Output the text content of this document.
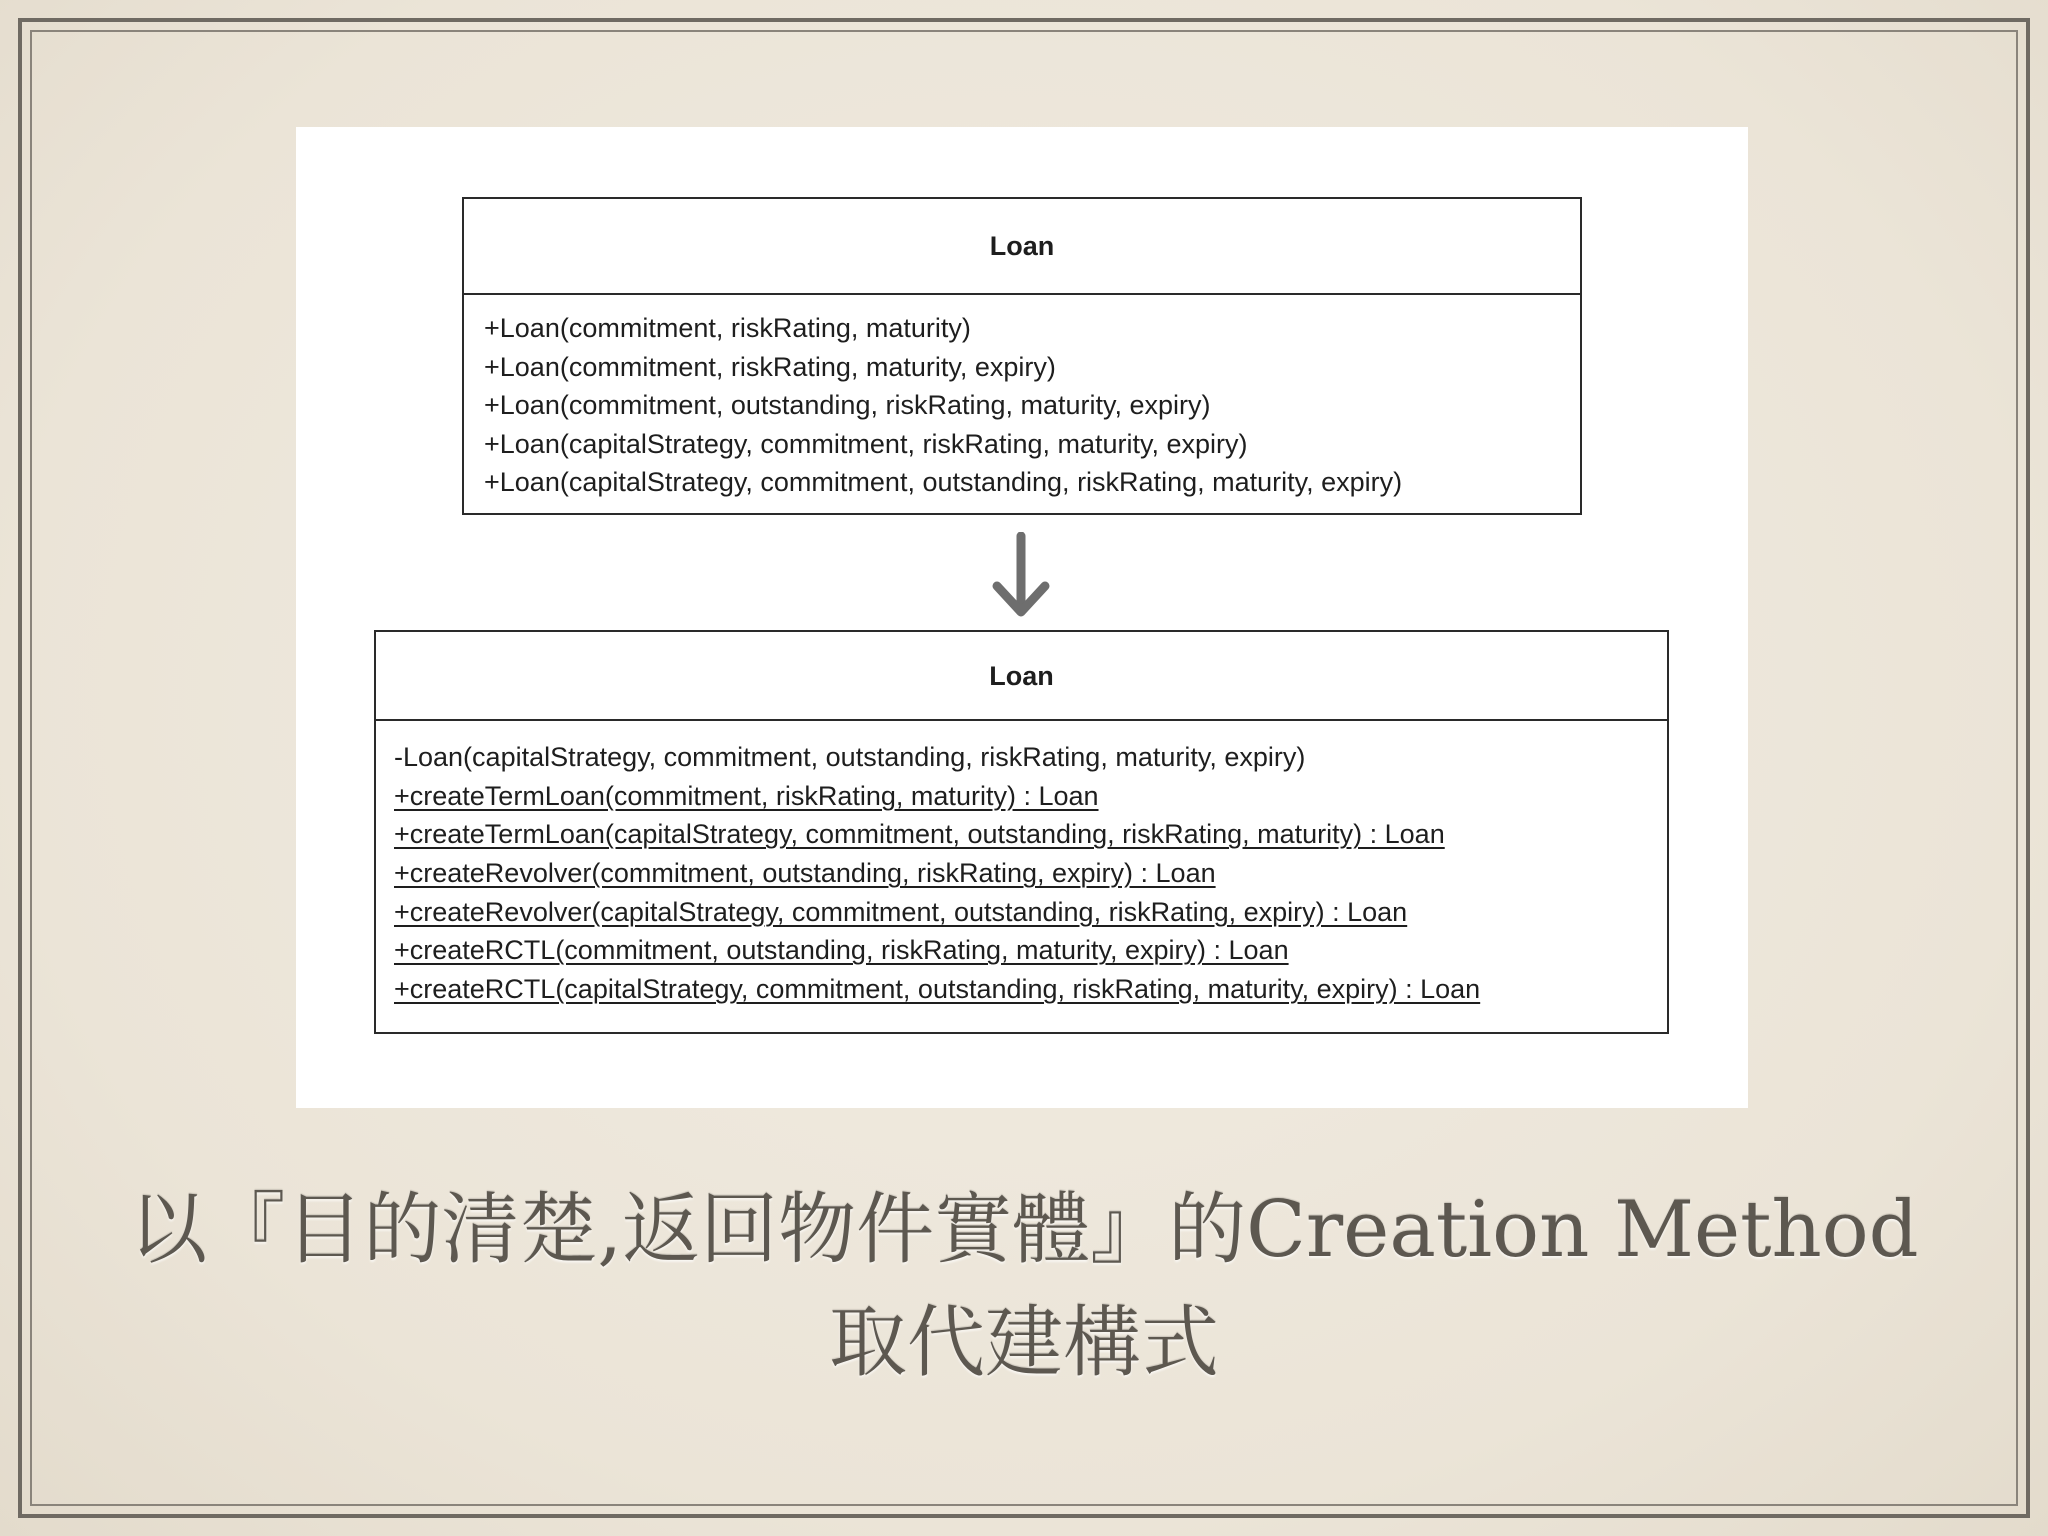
Loan
+Loan(commitment, riskRating, maturity)
+Loan(commitment, riskRating, maturity, expiry)
+Loan(commitment, outstanding, riskRating, maturity, expiry)
+Loan(capitalStrategy, commitment, riskRating, maturity, expiry)
+Loan(capitalStrategy, commitment, outstanding, riskRating, maturity, expiry)
Loan
-Loan(capitalStrategy, commitment, outstanding, riskRating, maturity, expiry)
+createTermLoan(commitment, riskRating, maturity) : Loan
+createTermLoan(capitalStrategy, commitment, outstanding, riskRating, maturity) : Loan
+createRevolver(commitment, outstanding, riskRating, expiry) : Loan
+createRevolver(capitalStrategy, commitment, outstanding, riskRating, expiry) : Loan
+createRCTL(commitment, outstanding, riskRating, maturity, expiry) : Loan
+createRCTL(capitalStrategy, commitment, outstanding, riskRating, maturity, expiry) : Loan
以『目的清楚,返回物件實體』的Creation Method
取代建構式
